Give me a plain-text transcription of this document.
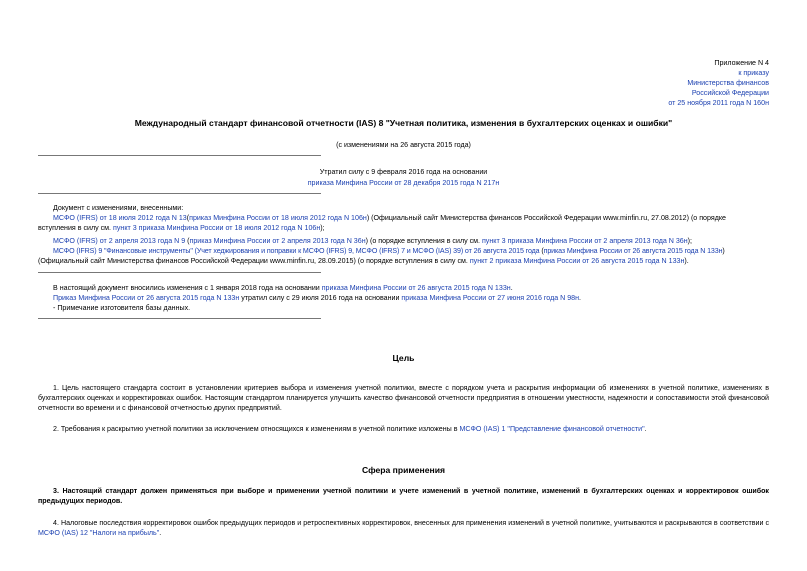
Приложение N 4
к приказу
Министерства финансов
Российской Федерации
от 25 ноября 2011 года N 160н
Международный стандарт финансовой отчетности (IAS) 8 "Учетная политика, изменения в бухгалтерских оценках и ошибки"
(с изменениями на 26 августа 2015 года)
Утратил силу с 9 февраля 2016 года на основании
приказа Минфина России от 28 декабря 2015 года N 217н
Документ с изменениями, внесенными:
МСФО (IFRS) от 18 июля 2012 года N 13(приказ Минфина России от 18 июля 2012 года N 106н) (Официальный сайт Министерства финансов Российской Федерации www.minfin.ru, 27.08.2012) (о порядке
вступления в силу см. пункт 3 приказа Минфина России от 18 июля 2012 года N 106н);
МСФО (IFRS) от 2 апреля 2013 года N 9 (приказ Минфина России от 2 апреля 2013 года N 36н) (о порядке вступления в силу см. пункт 3 приказа Минфина России от 2 апреля 2013 года N 36н);
МСФО (IFRS) 9 "Финансовые инструменты" (Учет хеджирования и поправки к МСФО (IFRS) 9, МСФО (IFRS) 7 и МСФО (IAS) 39) от 26 августа 2015 года (приказ Минфина России от 26 августа 2015 года N 133н)
(Официальный сайт Министерства финансов Российской Федерации www.minfin.ru, 28.09.2015) (о порядке вступления в силу см. пункт 2 приказа Минфина России от 26 августа 2015 года N 133н).
В настоящий документ вносились изменения с 1 января 2018 года на основании приказа Минфина России от 26 августа 2015 года N 133н.
Приказ Минфина России от 26 августа 2015 года N 133н утратил силу с 29 июля 2016 года на основании приказа Минфина России от 27 июня 2016 года N 98н.
- Примечание изготовителя базы данных.
Цель
1. Цель настоящего стандарта состоит в установлении критериев выбора и изменения учетной политики, вместе с порядком учета и раскрытия информации об изменениях в учетной политике, изменениях в бухгалтерских оценках и корректировках ошибок. Настоящим стандартом планируется улучшить качество финансовой отчетности предприятия в отношении уместности, надежности и сопоставимости этой финансовой отчетности во времени и с финансовой отчетностью других предприятий.
2. Требования к раскрытию учетной политики за исключением относящихся к изменениям в учетной политике изложены в МСФО (IAS) 1 "Представление финансовой отчетности".
Сфера применения
3. Настоящий стандарт должен применяться при выборе и применении учетной политики и учете изменений в учетной политике, изменений в бухгалтерских оценках и корректировок ошибок предыдущих периодов.
4. Налоговые последствия корректировок ошибок предыдущих периодов и ретроспективных корректировок, внесенных для применения изменений в учетной политике, учитываются и раскрываются в соответствии с МСФО (IAS) 12 "Налоги на прибыль".
